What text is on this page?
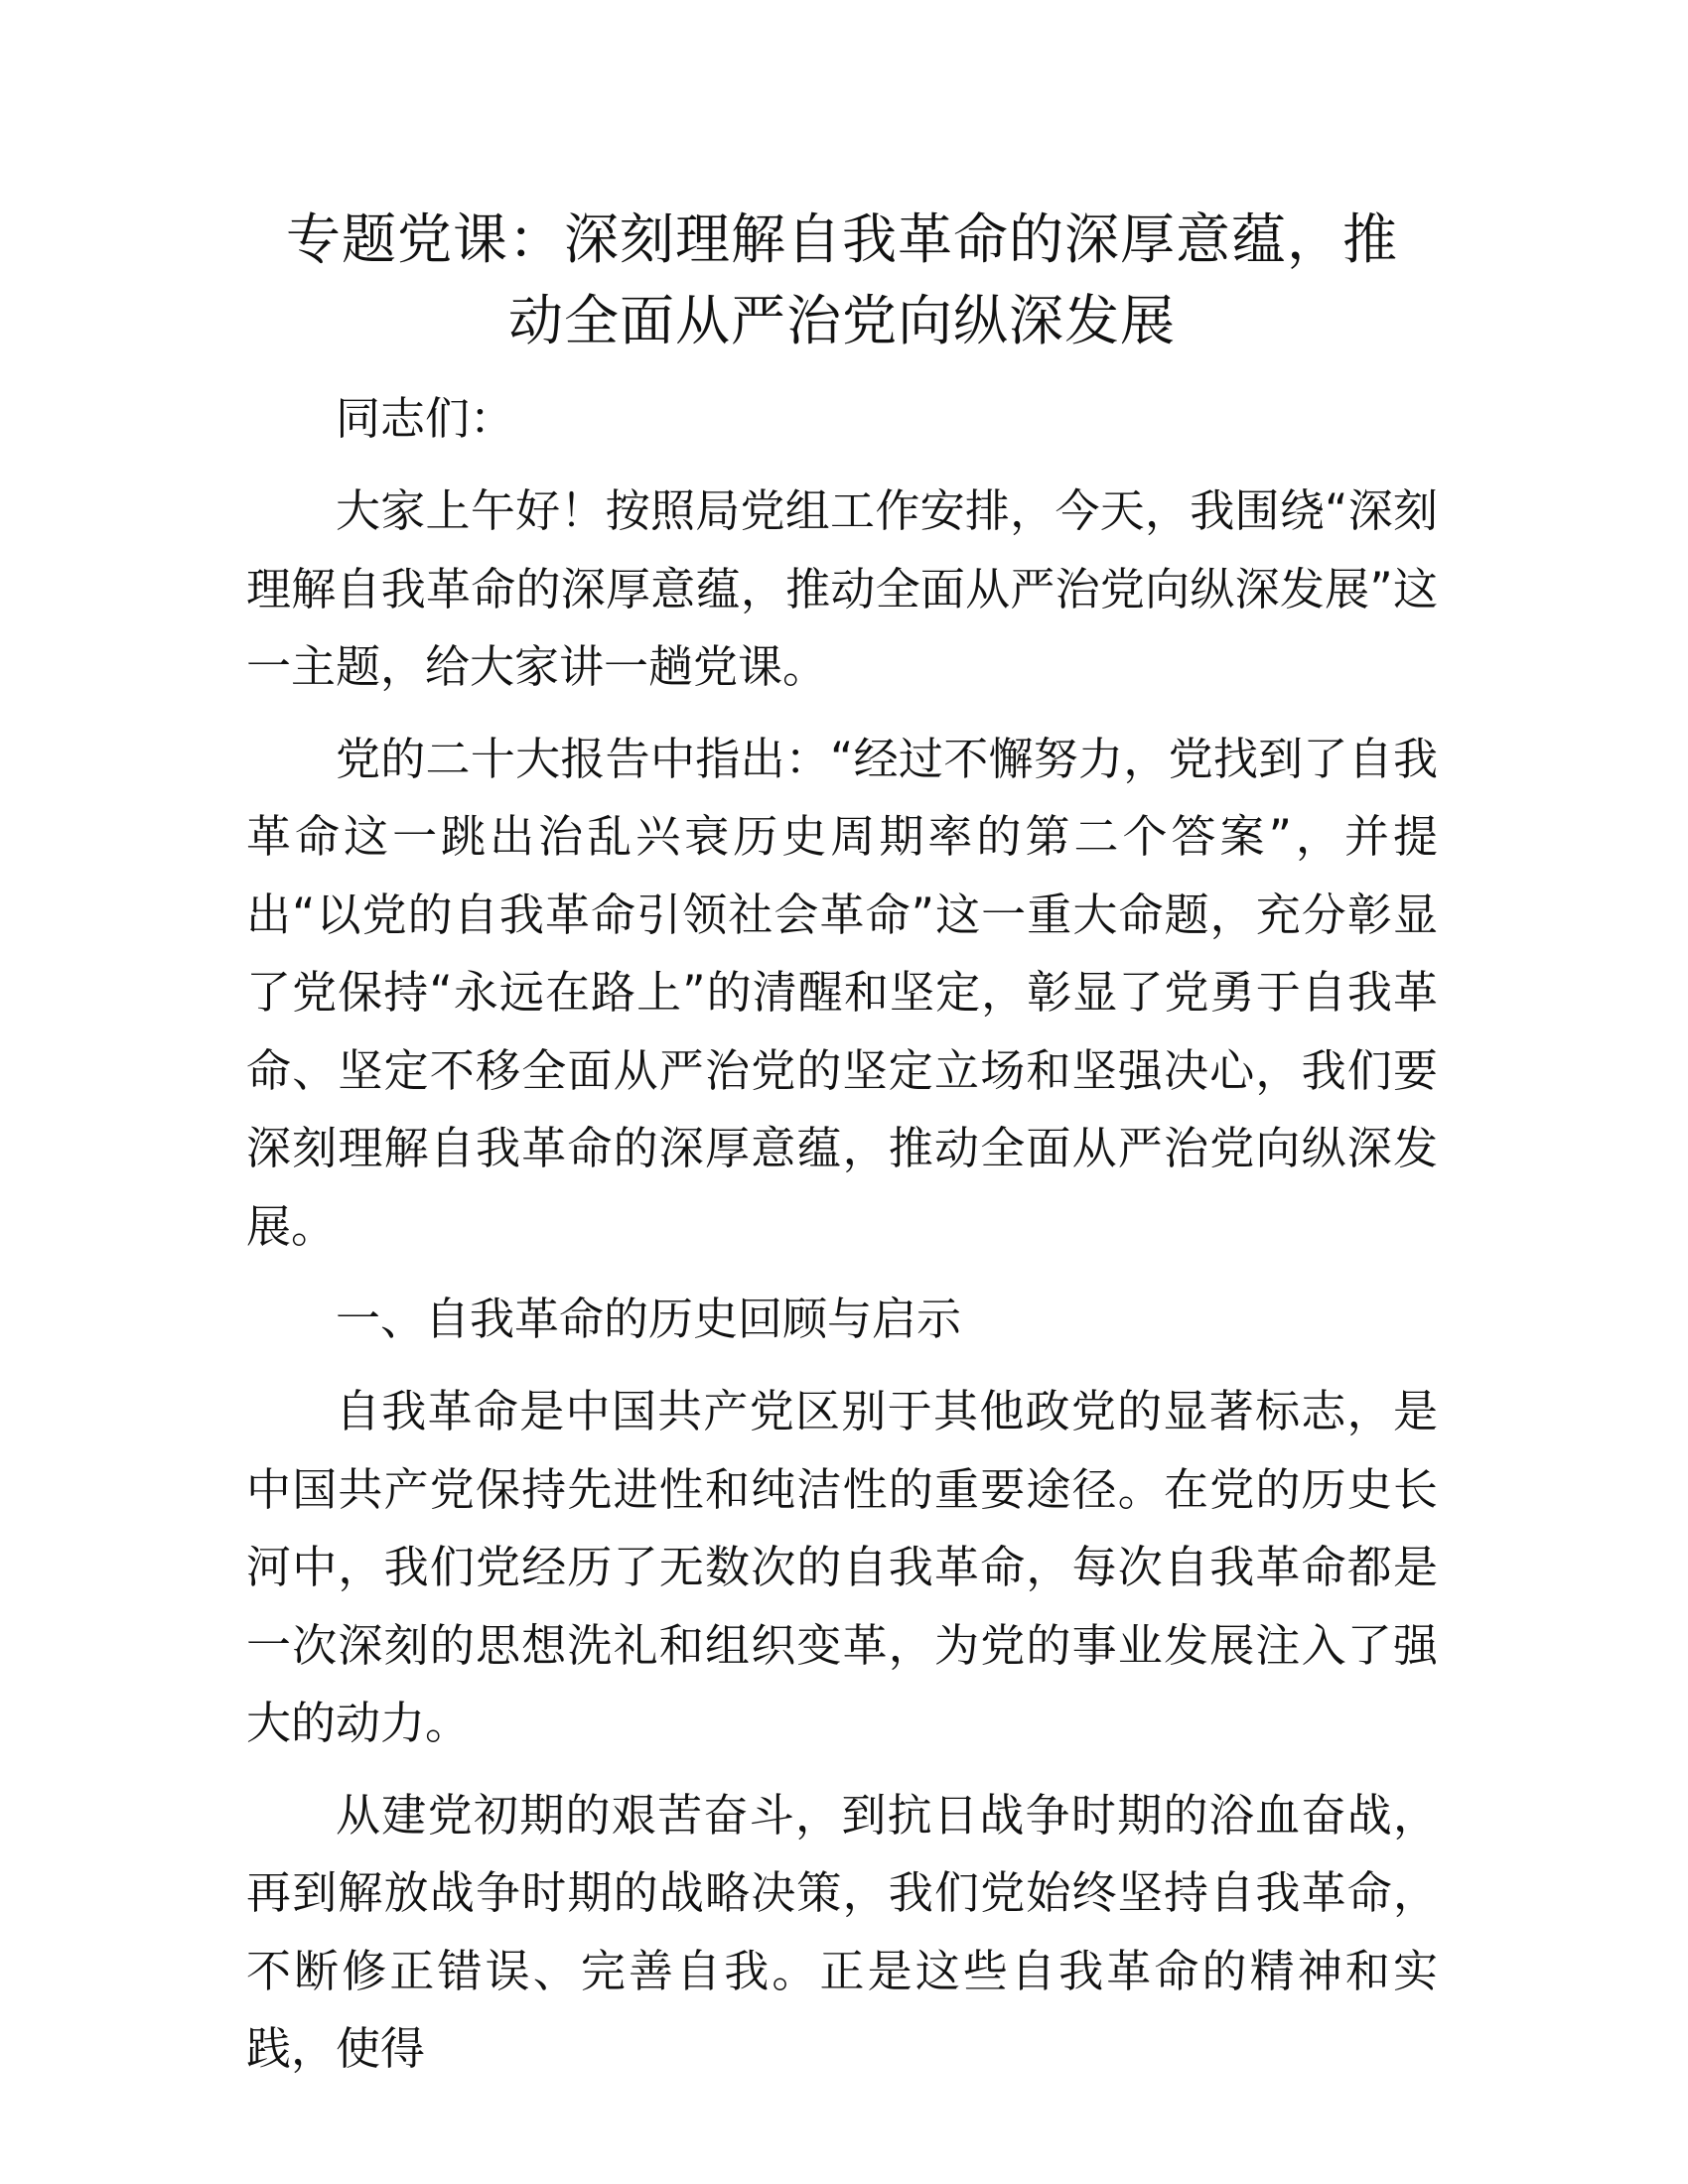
专题党课：深刻理解自我革命的深厚意蕴，推
动全面从严治党向纵深发展

同志们：

大家上午好！按照局党组工作安排，今天，我围绕“深刻理解自我革命的深厚意蕴，推动全面从严治党向纵深发展”这一主题，给大家讲一趟党课。

党的二十大报告中指出：“经过不懈努力，党找到了自我革命这一跳出治乱兴衰历史周期率的第二个答案”，并提出“以党的自我革命引领社会革命”这一重大命题，充分彰显了党保持“永远在路上”的清醒和坚定，彰显了党勇于自我革命、坚定不移全面从严治党的坚定立场和坚强决心，我们要深刻理解自我革命的深厚意蕴，推动全面从严治党向纵深发展。

一、自我革命的历史回顾与启示

自我革命是中国共产党区别于其他政党的显著标志，是中国共产党保持先进性和纯洁性的重要途径。在党的历史长河中，我们党经历了无数次的自我革命，每次自我革命都是一次深刻的思想洗礼和组织变革，为党的事业发展注入了强大的动力。

从建党初期的艰苦奋斗，到抗日战争时期的浴血奋战，再到解放战争时期的战略决策，我们党始终坚持自我革命，不断修正错误、完善自我。正是这些自我革命的精神和实践，使得
